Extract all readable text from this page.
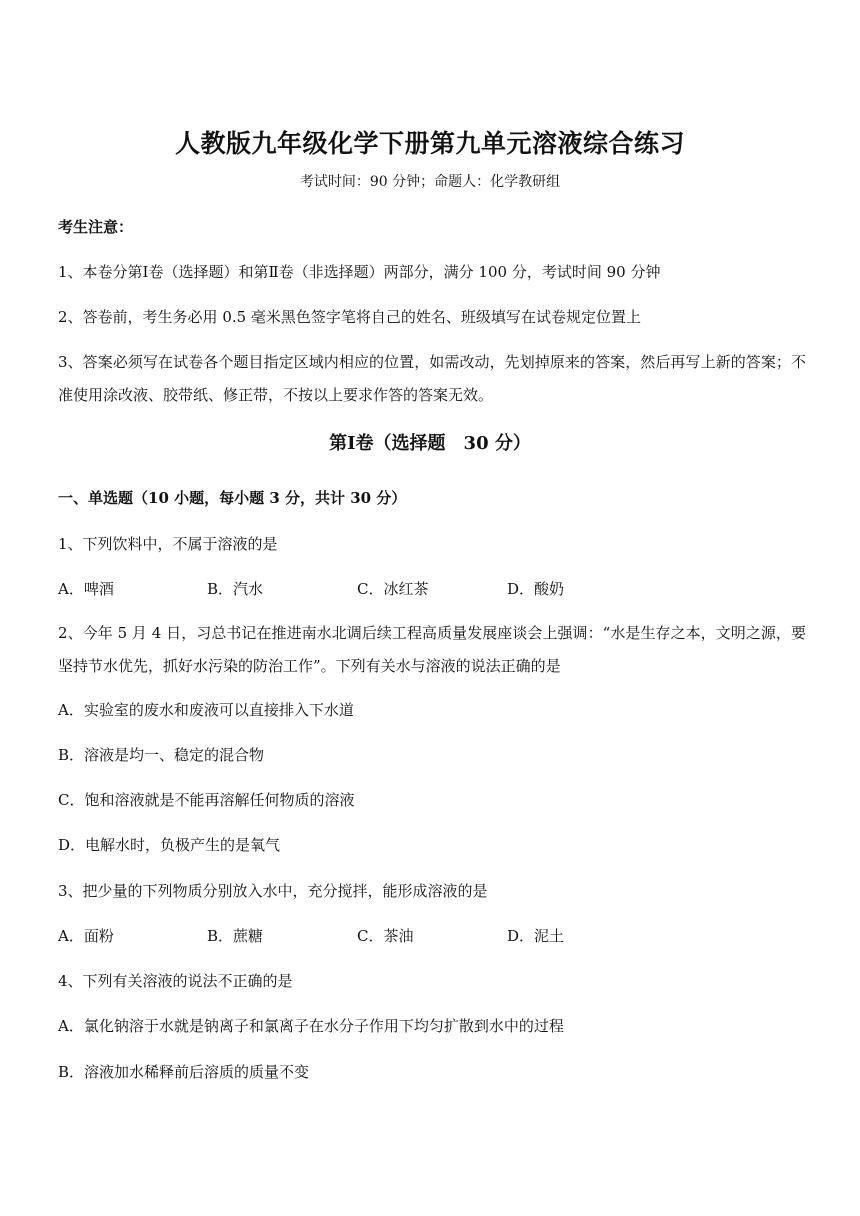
人教版九年级化学下册第九单元溶液综合练习
考试时间：90 分钟；命题人：化学教研组
考生注意：
1、本卷分第Ⅰ卷（选择题）和第Ⅱ卷（非选择题）两部分，满分 100 分，考试时间 90 分钟
2、答卷前，考生务必用 0.5 毫米黑色签字笔将自己的姓名、班级填写在试卷规定位置上
3、答案必须写在试卷各个题目指定区域内相应的位置，如需改动，先划掉原来的答案，然后再写上新的答案；不准使用涂改液、胶带纸、修正带，不按以上要求作答的答案无效。
第Ⅰ卷（选择题　30 分）
一、单选题（10 小题，每小题 3 分，共计 30 分）
1、下列饮料中，不属于溶液的是
A．啤酒	B．汽水	C．冰红茶	D．酸奶
2、今年 5 月 4 日，习总书记在推进南水北调后续工程高质量发展座谈会上强调：“水是生存之本，文明之源，要坚持节水优先，抓好水污染的防治工作”。下列有关水与溶液的说法正确的是
A．实验室的废水和废液可以直接排入下水道
B．溶液是均一、稳定的混合物
C．饱和溶液就是不能再溶解任何物质的溶液
D．电解水时，负极产生的是氧气
3、把少量的下列物质分别放入水中，充分搅拌，能形成溶液的是
A．面粉	B．蔗糖	C．茶油	D．泥土
4、下列有关溶液的说法不正确的是
A．氯化钠溶于水就是钠离子和氯离子在水分子作用下均匀扩散到水中的过程
B．溶液加水稀释前后溶质的质量不变
